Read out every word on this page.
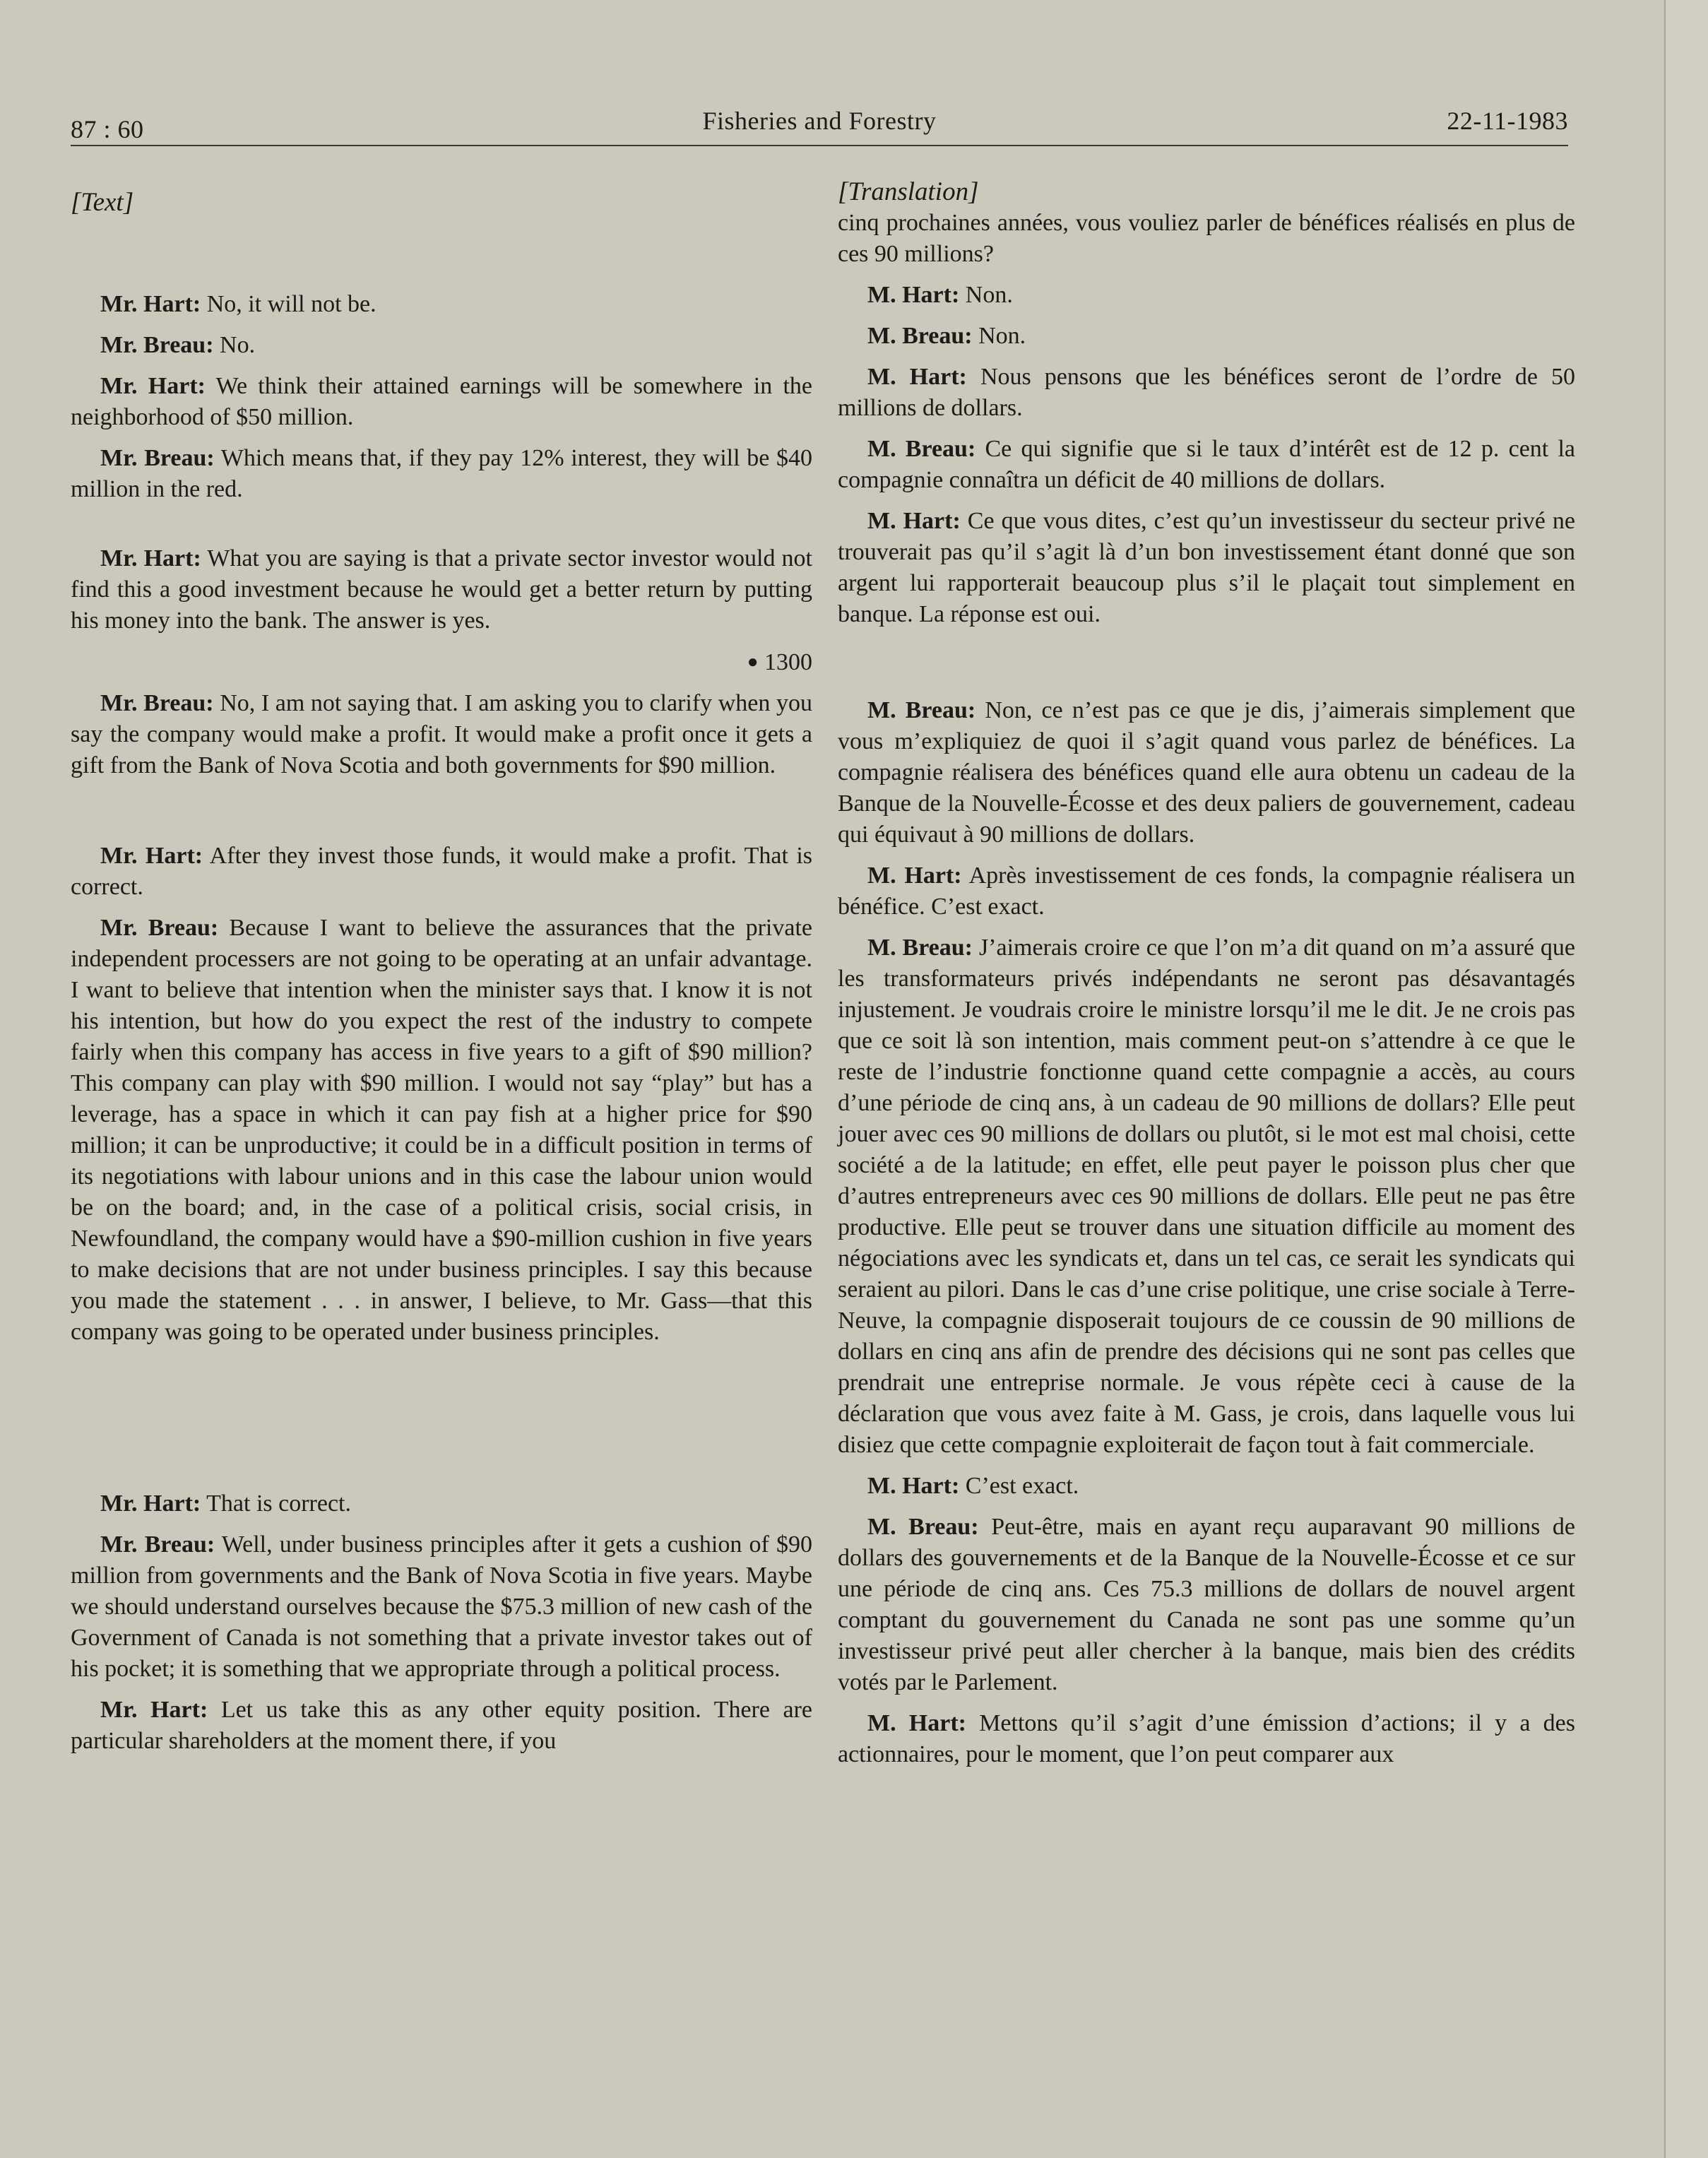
87 : 60	Fisheries and Forestry	22-11-1983

[Text]

Mr. Hart: No, it will not be.

Mr. Breau: No.

Mr. Hart: We think their attained earnings will be somewhere in the neighborhood of $50 million.

Mr. Breau: Which means that, if they pay 12% interest, they will be $40 million in the red.

Mr. Hart: What you are saying is that a private sector investor would not find this a good investment because he would get a better return by putting his money into the bank. The answer is yes.

● 1300

Mr. Breau: No, I am not saying that. I am asking you to clarify when you say the company would make a profit. It would make a profit once it gets a gift from the Bank of Nova Scotia and both governments for $90 million.

Mr. Hart: After they invest those funds, it would make a profit. That is correct.

Mr. Breau: Because I want to believe the assurances that the private independent processers are not going to be operating at an unfair advantage. I want to believe that intention when the minister says that. I know it is not his intention, but how do you expect the rest of the industry to compete fairly when this company has access in five years to a gift of $90 million? This company can play with $90 million. I would not say “play” but has a leverage, has a space in which it can pay fish at a higher price for $90 million; it can be unproductive; it could be in a difficult position in terms of its negotiations with labour unions and in this case the labour union would be on the board; and, in the case of a political crisis, social crisis, in Newfoundland, the company would have a $90-million cushion in five years to make decisions that are not under business principles. I say this because you made the statement . . . in answer, I believe, to Mr. Gass—that this company was going to be operated under business principles.

Mr. Hart: That is correct.

Mr. Breau: Well, under business principles after it gets a cushion of $90 million from governments and the Bank of Nova Scotia in five years. Maybe we should understand ourselves because the $75.3 million of new cash of the Government of Canada is not something that a private investor takes out of his pocket; it is something that we appropriate through a political process.

Mr. Hart: Let us take this as any other equity position. There are particular shareholders at the moment there, if you

[Translation]

cinq prochaines années, vous vouliez parler de bénéfices réalisés en plus de ces 90 millions?

M. Hart: Non.

M. Breau: Non.

M. Hart: Nous pensons que les bénéfices seront de l’ordre de 50 millions de dollars.

M. Breau: Ce qui signifie que si le taux d’intérêt est de 12 p. cent la compagnie connaîtra un déficit de 40 millions de dollars.

M. Hart: Ce que vous dites, c’est qu’un investisseur du secteur privé ne trouverait pas qu’il s’agit là d’un bon investissement étant donné que son argent lui rapporterait beaucoup plus s’il le plaçait tout simplement en banque. La réponse est oui.

M. Breau: Non, ce n’est pas ce que je dis, j’aimerais simplement que vous m’expliquiez de quoi il s’agit quand vous parlez de bénéfices. La compagnie réalisera des bénéfices quand elle aura obtenu un cadeau de la Banque de la Nouvelle-Écosse et des deux paliers de gouvernement, cadeau qui équivaut à 90 millions de dollars.

M. Hart: Après investissement de ces fonds, la compagnie réalisera un bénéfice. C’est exact.

M. Breau: J’aimerais croire ce que l’on m’a dit quand on m’a assuré que les transformateurs privés indépendants ne seront pas désavantagés injustement. Je voudrais croire le ministre lorsqu’il me le dit. Je ne crois pas que ce soit là son intention, mais comment peut-on s’attendre à ce que le reste de l’industrie fonctionne quand cette compagnie a accès, au cours d’une période de cinq ans, à un cadeau de 90 millions de dollars? Elle peut jouer avec ces 90 millions de dollars ou plutôt, si le mot est mal choisi, cette société a de la latitude; en effet, elle peut payer le poisson plus cher que d’autres entrepreneurs avec ces 90 millions de dollars. Elle peut ne pas être productive. Elle peut se trouver dans une situation difficile au moment des négociations avec les syndicats et, dans un tel cas, ce serait les syndicats qui seraient au pilori. Dans le cas d’une crise politique, une crise sociale à Terre-Neuve, la compagnie disposerait toujours de ce coussin de 90 millions de dollars en cinq ans afin de prendre des décisions qui ne sont pas celles que prendrait une entreprise normale. Je vous répète ceci à cause de la déclaration que vous avez faite à M. Gass, je crois, dans laquelle vous lui disiez que cette compagnie exploiterait de façon tout à fait commerciale.

M. Hart: C’est exact.

M. Breau: Peut-être, mais en ayant reçu auparavant 90 millions de dollars des gouvernements et de la Banque de la Nouvelle-Écosse et ce sur une période de cinq ans. Ces 75.3 millions de dollars de nouvel argent comptant du gouvernement du Canada ne sont pas une somme qu’un investisseur privé peut aller chercher à la banque, mais bien des crédits votés par le Parlement.

M. Hart: Mettons qu’il s’agit d’une émission d’actions; il y a des actionnaires, pour le moment, que l’on peut comparer aux
